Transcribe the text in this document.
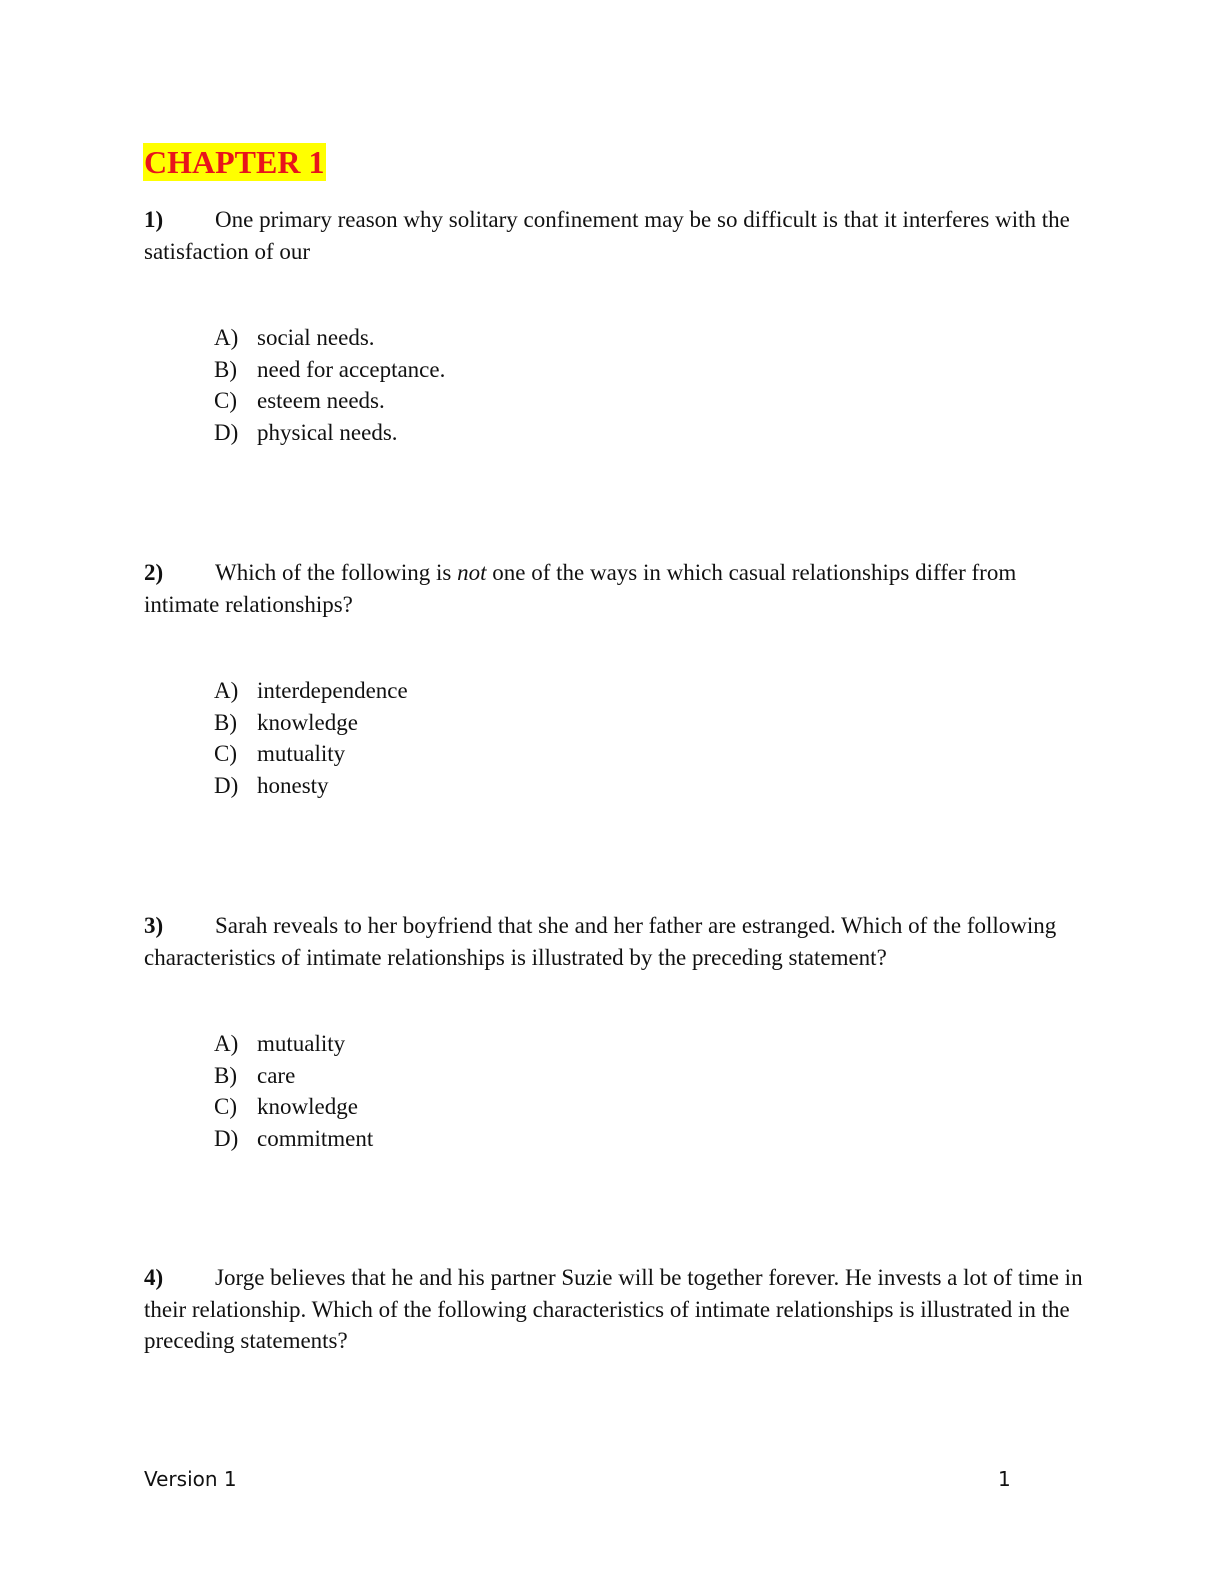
CHAPTER 1

1) One primary reason why solitary confinement may be so difficult is that it interferes with the satisfaction of our

A) social needs.
B) need for acceptance.
C) esteem needs.
D) physical needs.

2) Which of the following is not one of the ways in which casual relationships differ from intimate relationships?

A) interdependence
B) knowledge
C) mutuality
D) honesty

3) Sarah reveals to her boyfriend that she and her father are estranged. Which of the following characteristics of intimate relationships is illustrated by the preceding statement?

A) mutuality
B) care
C) knowledge
D) commitment

4) Jorge believes that he and his partner Suzie will be together forever. He invests a lot of time in their relationship. Which of the following characteristics of intimate relationships is illustrated in the preceding statements?

Version 1	1
